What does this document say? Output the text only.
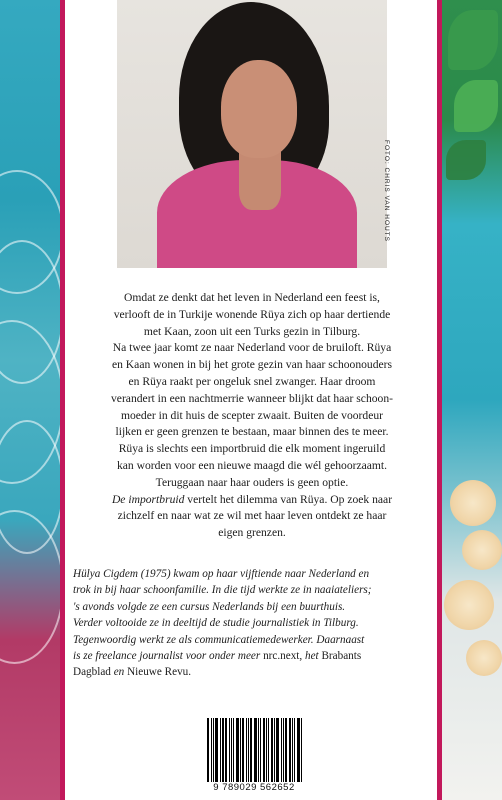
FOTO: CHRIS VAN HOUTS

Omdat ze denkt dat het leven in Nederland een feest is,

verlooft de in Turkije wonende Rüya zich op haar dertiende

met Kaan, zoon uit een Turks gezin in Tilburg.

Na twee jaar komt ze naar Nederland voor de bruiloft. Rüya

en Kaan wonen in bij het grote gezin van haar schoonouders

en Rüya raakt per ongeluk snel zwanger. Haar droom

verandert in een nachtmerrie wanneer blijkt dat haar schoon-

moeder in dit huis de scepter zwaait. Buiten de voordeur

lijken er geen grenzen te bestaan, maar binnen des te meer.

Rüya is slechts een importbruid die elk moment ingeruild

kan worden voor een nieuwe maagd die wél gehoorzaamt.

Teruggaan naar haar ouders is geen optie.

De importbruid vertelt het dilemma van Rüya. Op zoek naar

zichzelf en naar wat ze wil met haar leven ontdekt ze haar

eigen grenzen.

Hülya Cigdem (1975) kwam op haar vijftiende naar Nederland en
trok in bij haar schoonfamilie. In die tijd werkte ze in naaiateliers;
's avonds volgde ze een cursus Nederlands bij een buurthuis.
Verder voltooide ze in deeltijd de studie journalistiek in Tilburg.
Tegenwoordig werkt ze als communicatiemedewerker. Daarnaast
is ze freelance journalist voor onder meer nrc.next, het Brabants
Dagblad en Nieuwe Revu.
9 789029 562652
